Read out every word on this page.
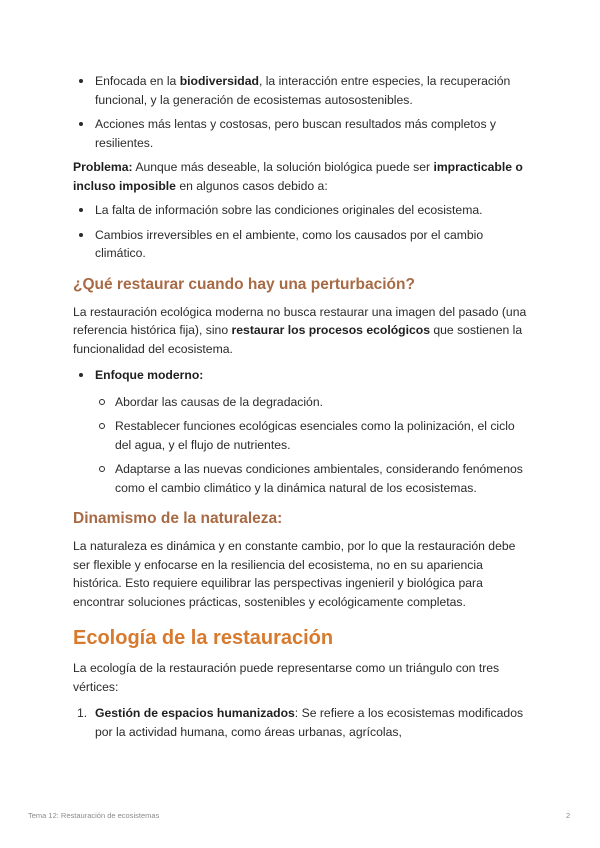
Enfocada en la biodiversidad, la interacción entre especies, la recuperación funcional, y la generación de ecosistemas autosostenibles.
Acciones más lentas y costosas, pero buscan resultados más completos y resilientes.

Problema: Aunque más deseable, la solución biológica puede ser impracticable o incluso imposible en algunos casos debido a:

La falta de información sobre las condiciones originales del ecosistema.
Cambios irreversibles en el ambiente, como los causados por el cambio climático.
¿Qué restaurar cuando hay una perturbación?

La restauración ecológica moderna no busca restaurar una imagen del pasado (una referencia histórica fija), sino restaurar los procesos ecológicos que sostienen la funcionalidad del ecosistema.

Enfoque moderno:
Abordar las causas de la degradación.
Restablecer funciones ecológicas esenciales como la polinización, el ciclo del agua, y el flujo de nutrientes.
Adaptarse a las nuevas condiciones ambientales, considerando fenómenos como el cambio climático y la dinámica natural de los ecosistemas.
Dinamismo de la naturaleza:

La naturaleza es dinámica y en constante cambio, por lo que la restauración debe ser flexible y enfocarse en la resiliencia del ecosistema, no en su apariencia histórica. Esto requiere equilibrar las perspectivas ingenieril y biológica para encontrar soluciones prácticas, sostenibles y ecológicamente completas.

Ecología de la restauración

La ecología de la restauración puede representarse como un triángulo con tres vértices:

1. Gestión de espacios humanizados: Se refiere a los ecosistemas modificados por la actividad humana, como áreas urbanas, agrícolas,
Tema 12: Restauración de ecosistemas	2
